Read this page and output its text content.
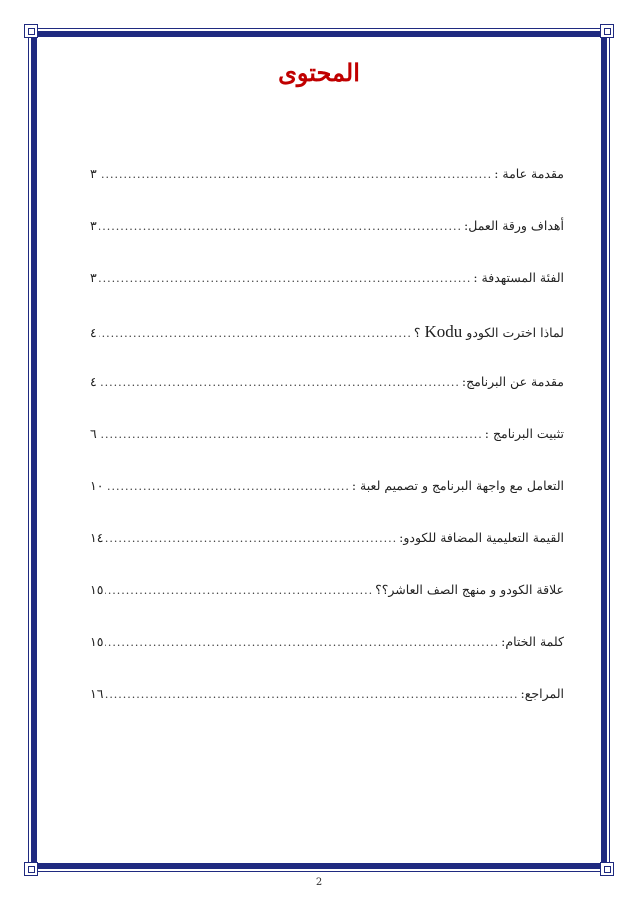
المحتوى
مقدمة عامة :
.....
٣
أهداف ورقة العمل:
.....
٣
الفئة المستهدفة :
.....
٣
لماذا اخترت الكودوKodu؟
.....
٤
مقدمة عن البرنامج:
.....
٤
تثبيت البرنامج :
.....
٦
التعامل مع واجهة البرنامج و تصميم لعبة :
.....
١٠
القيمة التعليمية المضافة للكودو:
.....
١٤
علاقة الكودو و منهج الصف العاشر؟؟
.....
١٥
كلمة الختام:
.....
١٥
المراجع:
.....
١٦
2
